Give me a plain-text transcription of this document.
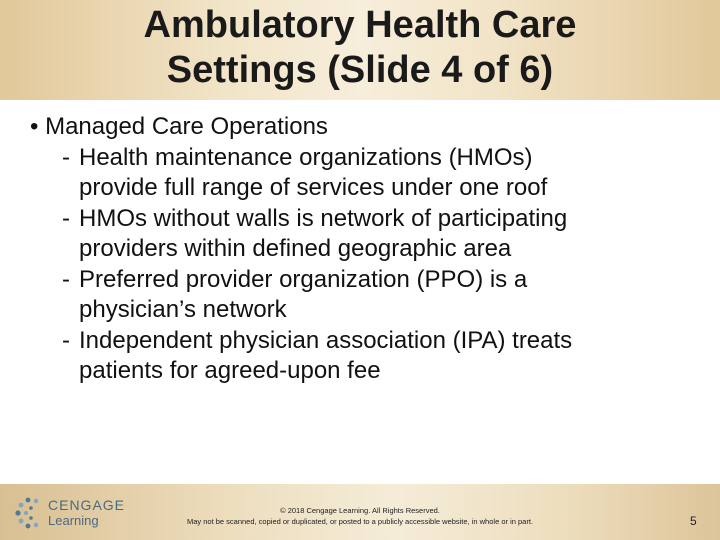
Ambulatory Health Care
Settings (Slide 4 of 6)
• Managed Care Operations
- Health maintenance organizations (HMOs)
provide full range of services under one roof
- HMOs without walls is network of participating
providers within defined geographic area
- Preferred provider organization (PPO) is a
physician’s network
- Independent physician association (IPA) treats
patients for agreed-upon fee
CENGAGE
Learning
© 2018 Cengage Learning. All Rights Reserved.
May not be scanned, copied or duplicated, or posted to a publicly accessible website, in whole or in part.	5
